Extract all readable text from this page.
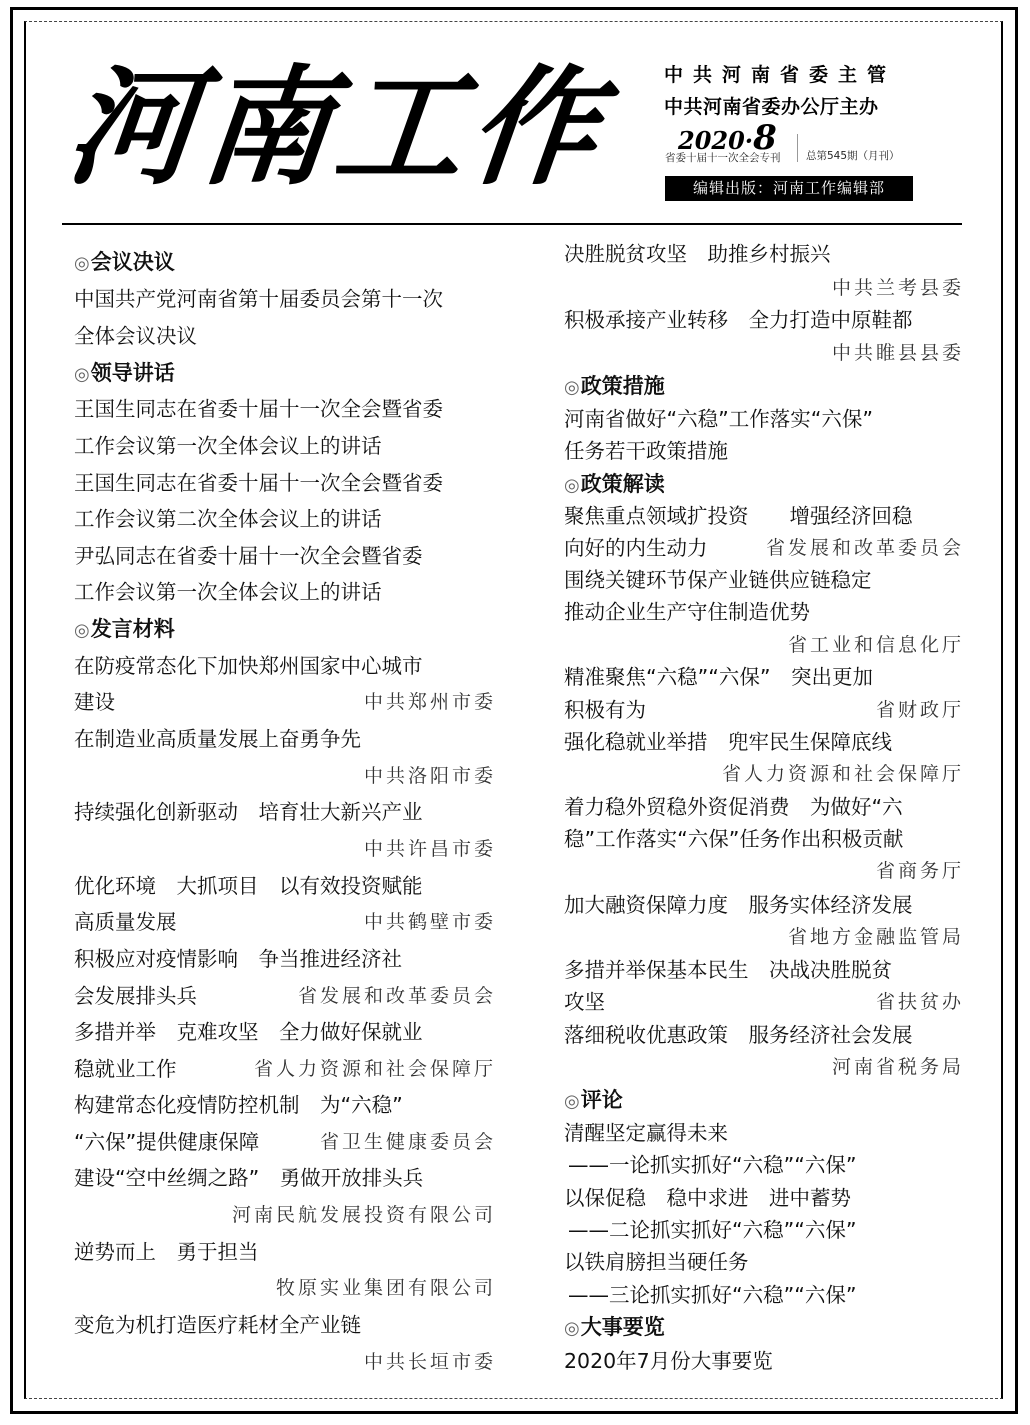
河南工作	中共河南省委主管
中共河南省委办公厅主办
2020·8
省委十届十一次全会专刊 总第545期（月刊）
编辑出版：河南工作编辑部
◎会议决议
中国共产党河南省第十届委员会第十一次
全体会议决议
◎领导讲话
王国生同志在省委十届十一次全会暨省委
工作会议第一次全体会议上的讲话
王国生同志在省委十届十一次全会暨省委
工作会议第二次全体会议上的讲话
尹弘同志在省委十届十一次全会暨省委
工作会议第一次全体会议上的讲话
◎发言材料
在防疫常态化下加快郑州国家中心城市
建设	中共郑州市委
在制造业高质量发展上奋勇争先
中共洛阳市委
持续强化创新驱动　培育壮大新兴产业
中共许昌市委
优化环境　大抓项目　以有效投资赋能
高质量发展	中共鹤壁市委
积极应对疫情影响　争当推进经济社
会发展排头兵	省发展和改革委员会
多措并举　克难攻坚　全力做好保就业
稳就业工作	省人力资源和社会保障厅
构建常态化疫情防控机制　为“六稳”
“六保”提供健康保障	省卫生健康委员会
建设“空中丝绸之路”　勇做开放排头兵
河南民航发展投资有限公司
逆势而上　勇于担当
牧原实业集团有限公司
变危为机打造医疗耗材全产业链
中共长垣市委
决胜脱贫攻坚　助推乡村振兴
中共兰考县委
积极承接产业转移　全力打造中原鞋都
中共睢县县委
◎政策措施
河南省做好“六稳”工作落实“六保”
任务若干政策措施
◎政策解读
聚焦重点领域扩投资　　增强经济回稳
向好的内生动力	省发展和改革委员会
围绕关键环节保产业链供应链稳定
推动企业生产守住制造优势
省工业和信息化厅
精准聚焦“六稳”“六保”　突出更加
积极有为	省财政厅
强化稳就业举措　兜牢民生保障底线
省人力资源和社会保障厅
着力稳外贸稳外资促消费　为做好“六
稳”工作落实“六保”任务作出积极贡献
省商务厅
加大融资保障力度　服务实体经济发展
省地方金融监管局
多措并举保基本民生　决战决胜脱贫
攻坚	省扶贫办
落细税收优惠政策　服务经济社会发展
河南省税务局
◎评论
清醒坚定赢得未来
——一论抓实抓好“六稳”“六保”
以保促稳　稳中求进　进中蓄势
——二论抓实抓好“六稳”“六保”
以铁肩膀担当硬任务
——三论抓实抓好“六稳”“六保”
◎大事要览
2020年7月份大事要览
